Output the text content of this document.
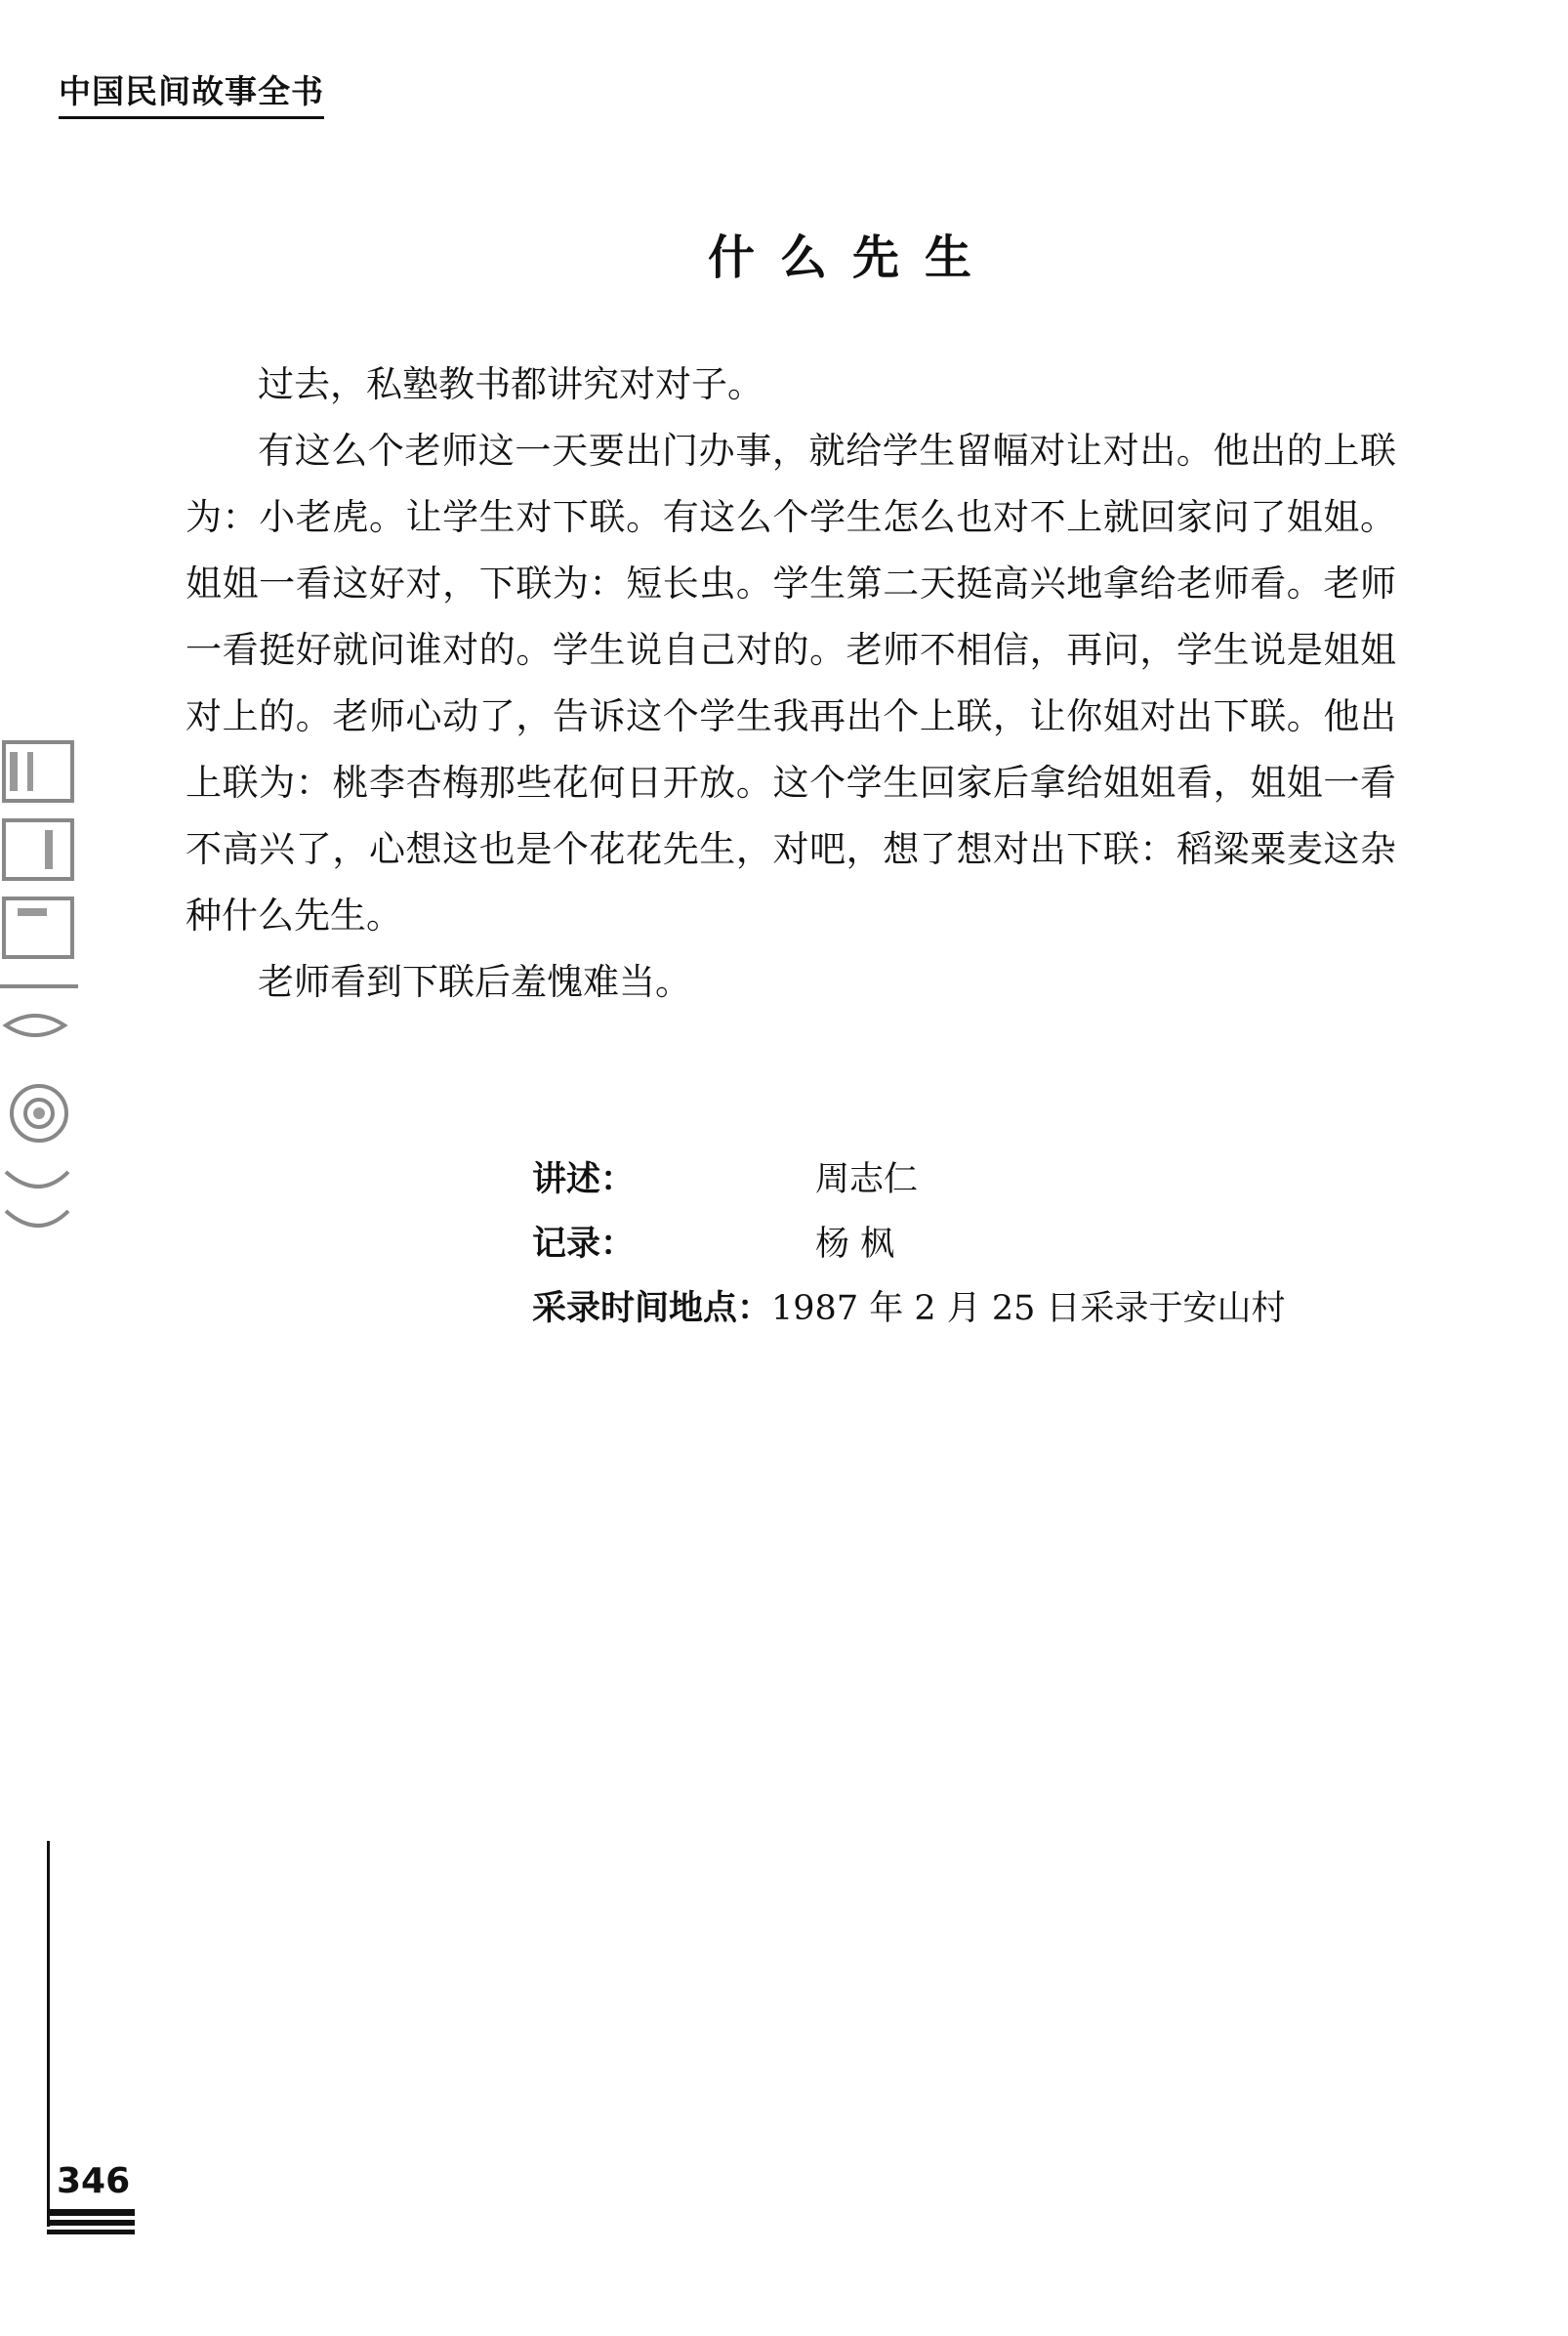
中国民间故事全书
什么先生

过去，私塾教书都讲究对对子。

有这么个老师这一天要出门办事，就给学生留幅对让对出。他出的上联为：小老虎。让学生对下联。有这么个学生怎么也对不上就回家问了姐姐。姐姐一看这好对，下联为：短长虫。学生第二天挺高兴地拿给老师看。老师一看挺好就问谁对的。学生说自己对的。老师不相信，再问，学生说是姐姐对上的。老师心动了，告诉这个学生我再出个上联，让你姐对出下联。他出上联为：桃李杏梅那些花何日开放。这个学生回家后拿给姐姐看，姐姐一看不高兴了，心想这也是个花花先生，对吧，想了想对出下联：稻粱粟麦这杂种什么先生。

老师看到下联后羞愧难当。

讲述：	周志仁
记录：	杨 枫
采录时间地点：1987 年 2 月 25 日采录于安山村
346
